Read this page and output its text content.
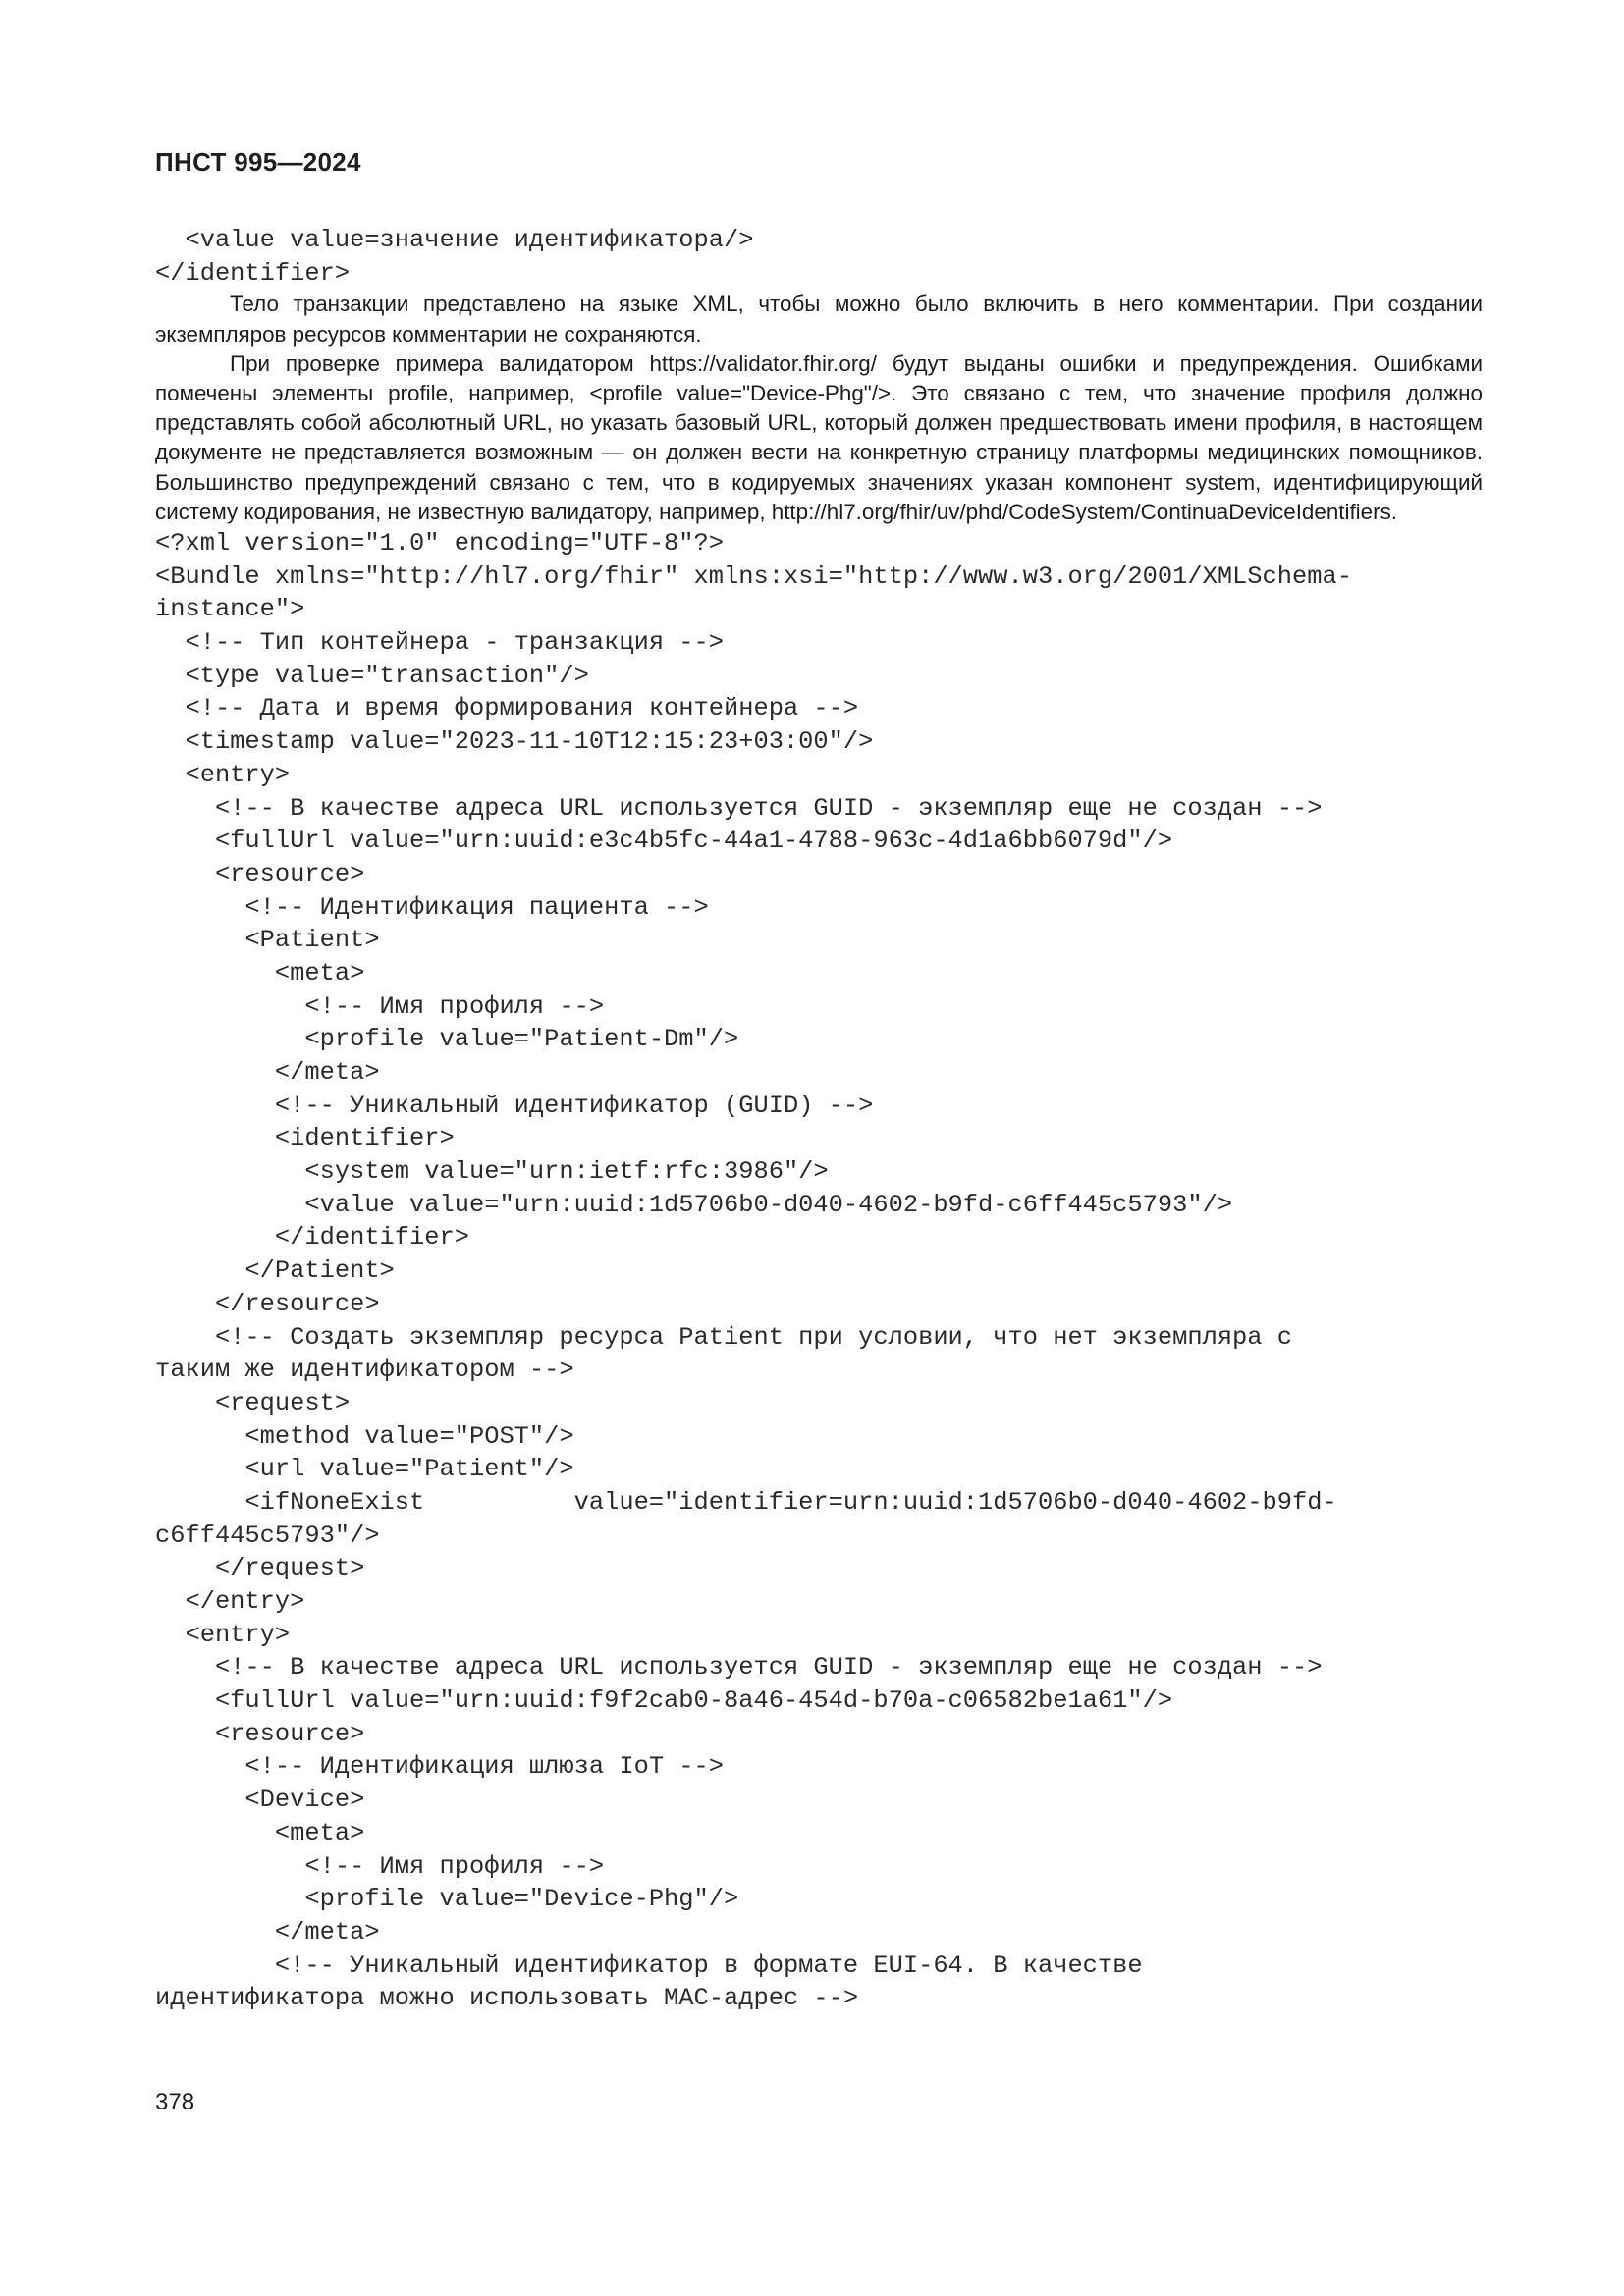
ПНСТ 995—2024
<value value=значение идентификатора/>
</identifier>

Тело транзакции представлено на языке XML, чтобы можно было включить в него комментарии. При создании экземпляров ресурсов комментарии не сохраняются.

При проверке примера валидатором https://validator.fhir.org/ будут выданы ошибки и предупреждения. Ошибками помечены элементы profile, например, <profile value="Device-Phg"/>. Это связано с тем, что значение профиля должно представлять собой абсолютный URL, но указать базовый URL, который должен предшествовать имени профиля, в настоящем документе не представляется возможным — он должен вести на конкретную страницу платформы медицинских помощников. Большинство предупреждений связано с тем, что в кодируемых значениях указан компонент system, идентифицирующий систему кодирования, не известную валидатору, например, http://hl7.org/fhir/uv/phd/CodeSystem/ContinuaDeviceIdentifiers.

<?xml version="1.0" encoding="UTF-8"?>
<Bundle xmlns="http://hl7.org/fhir" xmlns:xsi="http://www.w3.org/2001/XMLSchema-
instance">
<!-- Тип контейнера - транзакция -->
<type value="transaction"/>
<!-- Дата и время формирования контейнера -->
<timestamp value="2023-11-10T12:15:23+03:00"/>
<entry>
<!-- В качестве адреса URL используется GUID - экземпляр еще не создан -->
<fullUrl value="urn:uuid:e3c4b5fc-44a1-4788-963c-4d1a6bb6079d"/>
<resource>
<!-- Идентификация пациента -->
<Patient>
<meta>
<!-- Имя профиля -->
<profile value="Patient-Dm"/>
</meta>
<!-- Уникальный идентификатор (GUID) -->
<identifier>
<system value="urn:ietf:rfc:3986"/>
<value value="urn:uuid:1d5706b0-d040-4602-b9fd-c6ff445c5793"/>
</identifier>
</Patient>
</resource>
<!-- Создать экземпляр ресурса Patient при условии, что нет экземпляра с
таким же идентификатором -->
<request>
<method value="POST"/>
<url value="Patient"/>
<ifNoneExist          value="identifier=urn:uuid:1d5706b0-d040-4602-b9fd-
c6ff445c5793"/>
</request>
</entry>
<entry>
<!-- В качестве адреса URL используется GUID - экземпляр еще не создан -->
<fullUrl value="urn:uuid:f9f2cab0-8a46-454d-b70a-c06582be1a61"/>
<resource>
<!-- Идентификация шлюза IoT -->
<Device>
<meta>
<!-- Имя профиля -->
<profile value="Device-Phg"/>
</meta>
<!-- Уникальный идентификатор в формате EUI-64. В качестве
идентификатора можно использовать MAC-адрес -->
378
